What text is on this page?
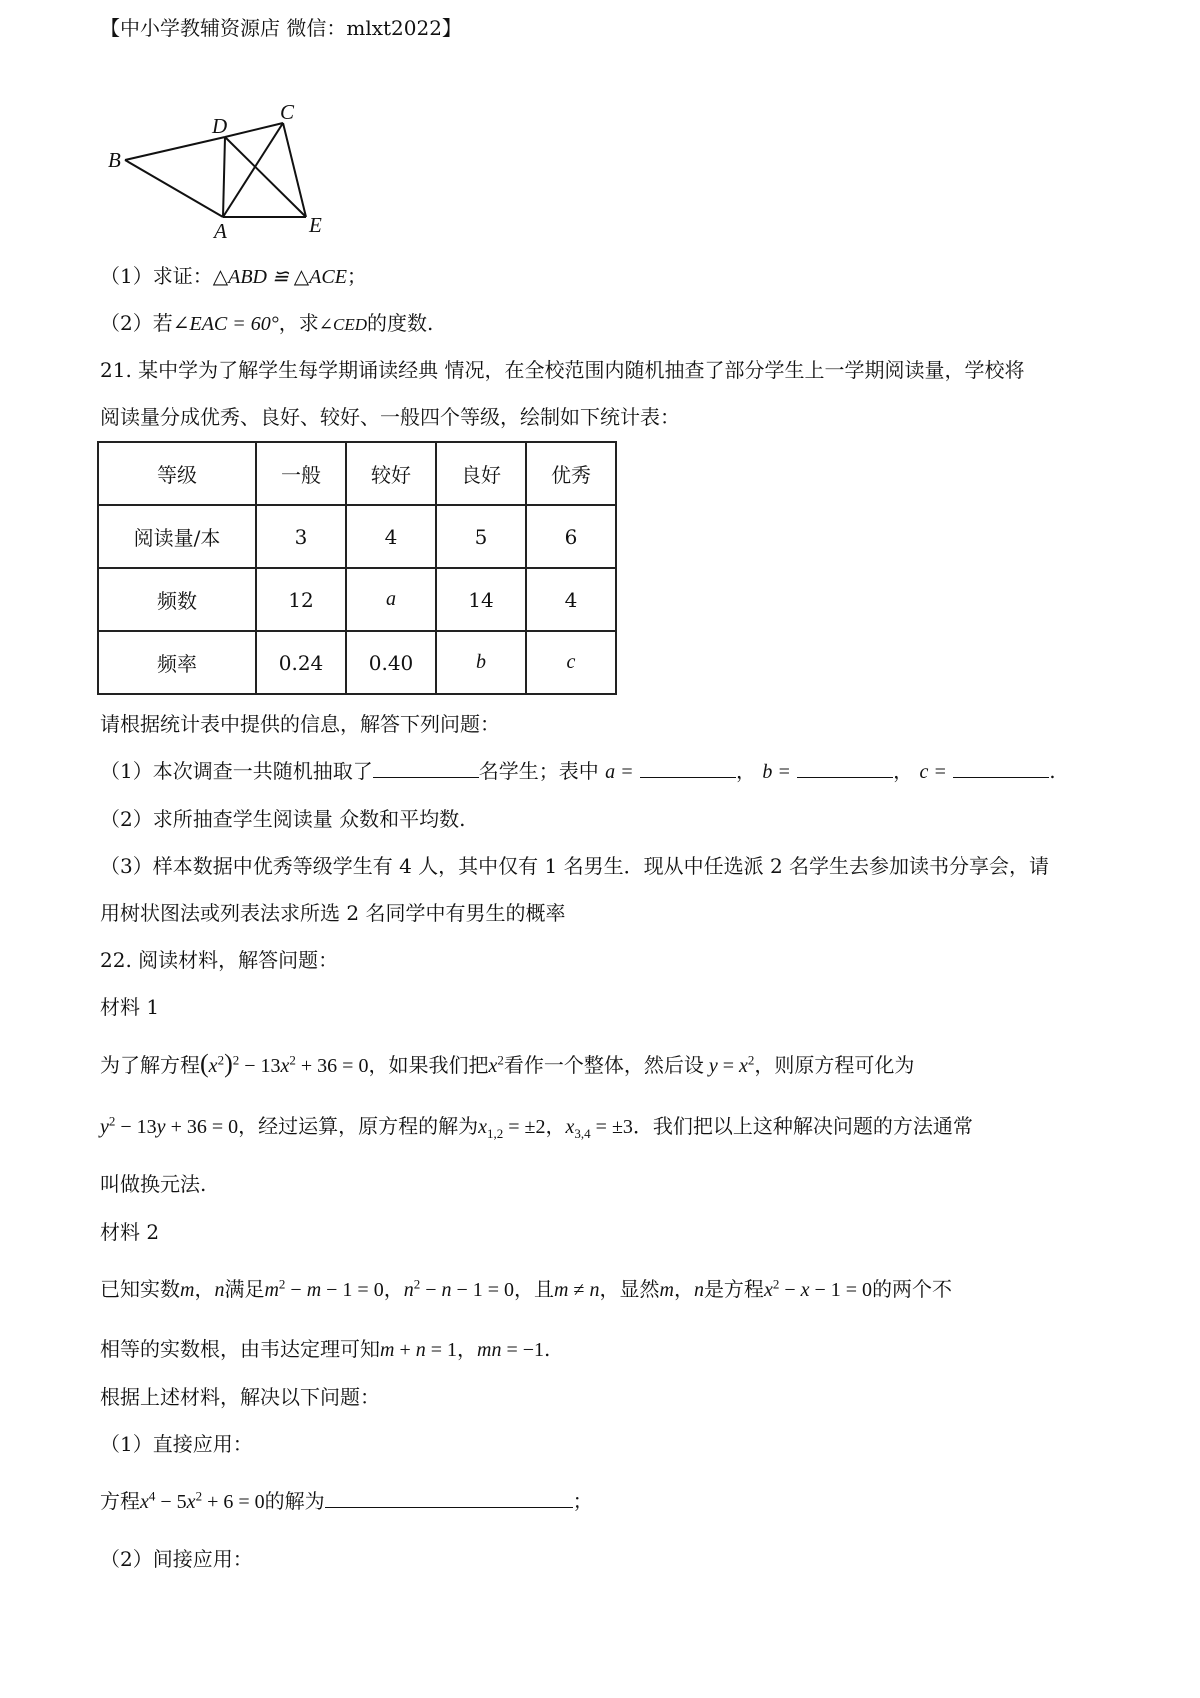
【中小学教辅资源店 微信：mlxt2022】
B
D
C
A	E
（1）求证：△ABD ≌ △ACE；
（2）若∠EAC = 60°，求∠CED的度数.
21. 某中学为了解学生每学期诵读经典 情况，在全校范围内随机抽查了部分学生上一学期阅读量，学校将
阅读量分成优秀、良好、较好、一般四个等级，绘制如下统计表：
等级	一般	较好	良好	优秀
阅读量/本	3	4	5	6
频数	12	a	14	4
频率	0.24	0.40	b	c
请根据统计表中提供的信息，解答下列问题：
（1）本次调查一共随机抽取了	名学生；表中 a =	， b =	， c =	.
（2）求所抽查学生阅读量 众数和平均数.
（3）样本数据中优秀等级学生有 4 人，其中仅有 1 名男生．现从中任选派 2 名学生去参加读书分享会，请
用树状图法或列表法求所选 2 名同学中有男生的概率
22. 阅读材料，解答问题：
材料 1
为了解方程$(x^2)^2 - 13x^2 + 36 = 0$，如果我们把$x^2$看作一个整体，然后设 $y = x^2$，则原方程可化为
$y^2 - 13y + 36 = 0$，经过运算，原方程的解为$x_{1,2} = \pm 2$，$x_{3,4} = \pm 3$．我们把以上这种解决问题的方法通常
叫做换元法.
材料 2
已知实数m，n满足$m^2 - m - 1 = 0$，$n^2 - n - 1 = 0$，且m ≠ n，显然m，n是方程$x^2 - x - 1 = 0$的两个不
相等的实数根，由韦达定理可知m + n = 1，mn = −1.
根据上述材料，解决以下问题：
（1）直接应用：
方程$x^4 - 5x^2 + 6 = 0$的解为	；
（2）间接应用：
